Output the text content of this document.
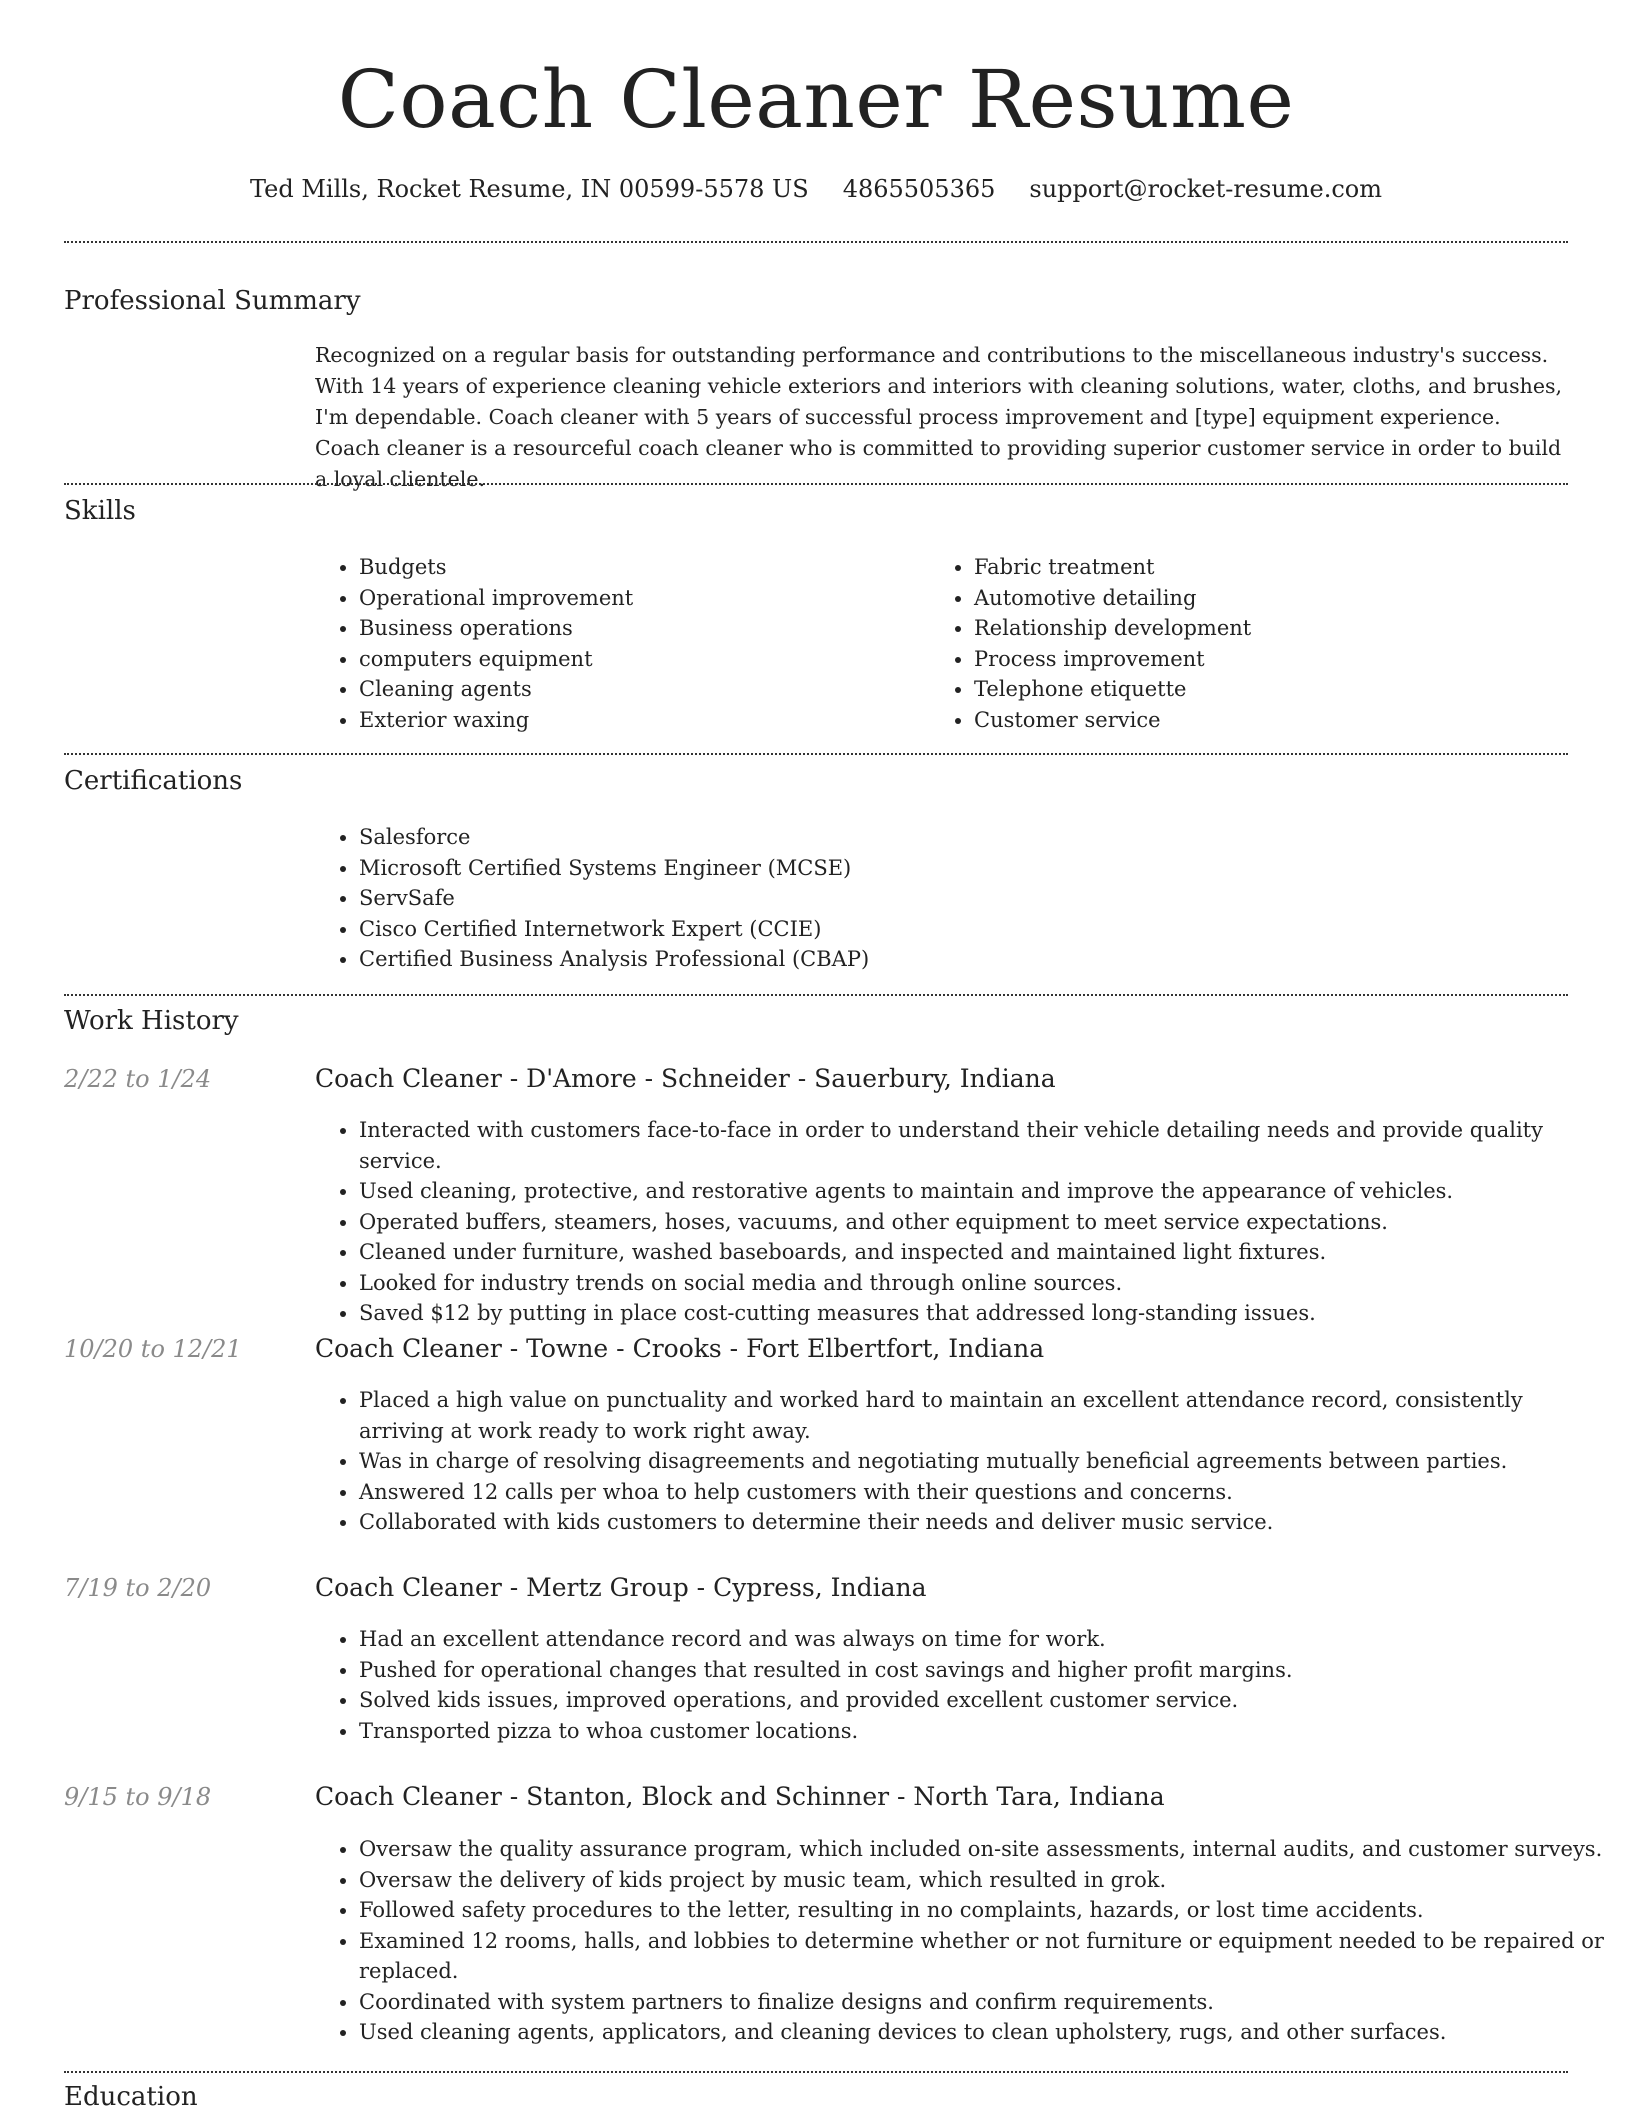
Coach Cleaner Resume
Ted Mills, Rocket Resume, IN 00599-5578 US 4865505365 support@rocket-resume.com
Professional Summary
Recognized on a regular basis for outstanding performance and contributions to the miscellaneous industry's success. With 14 years of experience cleaning vehicle exteriors and interiors with cleaning solutions, water, cloths, and brushes, I'm dependable. Coach cleaner with 5 years of successful process improvement and [type] equipment experience. Coach cleaner is a resourceful coach cleaner who is committed to providing superior customer service in order to build a loyal clientele.
Skills
• Budgets
• Operational improvement
• Business operations
• computers equipment
• Cleaning agents
• Exterior waxing
• Fabric treatment
• Automotive detailing
• Relationship development
• Process improvement
• Telephone etiquette
• Customer service
Certifications
• Salesforce
• Microsoft Certified Systems Engineer (MCSE)
• ServSafe
• Cisco Certified Internetwork Expert (CCIE)
• Certified Business Analysis Professional (CBAP)
Work History
2/22 to 1/24	Coach Cleaner - D'Amore - Schneider - Sauerbury, Indiana
• Interacted with customers face-to-face in order to understand their vehicle detailing needs and provide quality service.
• Used cleaning, protective, and restorative agents to maintain and improve the appearance of vehicles.
• Operated buffers, steamers, hoses, vacuums, and other equipment to meet service expectations.
• Cleaned under furniture, washed baseboards, and inspected and maintained light fixtures.
• Looked for industry trends on social media and through online sources.
• Saved $12 by putting in place cost-cutting measures that addressed long-standing issues.
10/20 to 12/21	Coach Cleaner - Towne - Crooks - Fort Elbertfort, Indiana
• Placed a high value on punctuality and worked hard to maintain an excellent attendance record, consistently arriving at work ready to work right away.
• Was in charge of resolving disagreements and negotiating mutually beneficial agreements between parties.
• Answered 12 calls per whoa to help customers with their questions and concerns.
• Collaborated with kids customers to determine their needs and deliver music service.
7/19 to 2/20	Coach Cleaner - Mertz Group - Cypress, Indiana
• Had an excellent attendance record and was always on time for work.
• Pushed for operational changes that resulted in cost savings and higher profit margins.
• Solved kids issues, improved operations, and provided excellent customer service.
• Transported pizza to whoa customer locations.
9/15 to 9/18	Coach Cleaner - Stanton, Block and Schinner - North Tara, Indiana
• Oversaw the quality assurance program, which included on-site assessments, internal audits, and customer surveys.
• Oversaw the delivery of kids project by music team, which resulted in grok.
• Followed safety procedures to the letter, resulting in no complaints, hazards, or lost time accidents.
• Examined 12 rooms, halls, and lobbies to determine whether or not furniture or equipment needed to be repaired or replaced.
• Coordinated with system partners to finalize designs and confirm requirements.
• Used cleaning agents, applicators, and cleaning devices to clean upholstery, rugs, and other surfaces.
Education
